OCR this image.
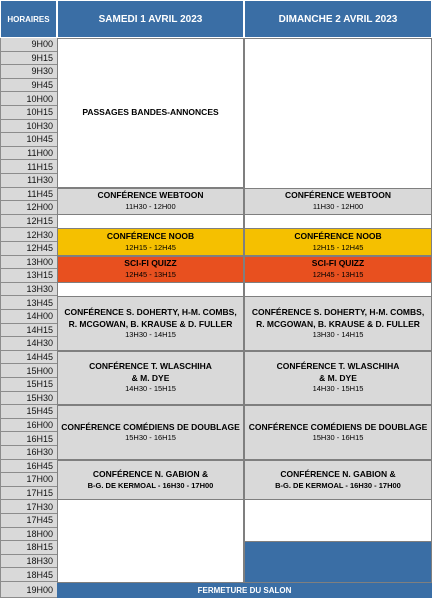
HORAIRES	SAMEDI 1 AVRIL 2023	DIMANCHE 2 AVRIL 2023
9H00
9H15
9H30
9H45
10H00
10H15
10H30
10H45
11H00
11H15
11H30
11H45
12H00
12H15
12H30
12H45
13H00
13H15
13H30
13H45
14H00
14H15
14H30
14H45
15H00
15H15
15H30
15H45
16H00
16H15
16H30
16H45
17H00
17H15
17H30
17H45
18H00
18H15
18H30
18H45
19H00
PASSAGES BANDES-ANNONCES
CONFÉRENCE WEBTOON
11H30 - 12H00
CONFÉRENCE WEBTOON
11H30 - 12H00
CONFÉRENCE NOOB
12H15 - 12H45
CONFÉRENCE NOOB
12H15 - 12H45
SCI-FI QUIZZ
12H45 - 13H15
SCI-FI QUIZZ
12H45 - 13H15
CONFÉRENCE S. DOHERTY, H-M. COMBS,
R. MCGOWAN, B. KRAUSE & D. FULLER
13H30 - 14H15
CONFÉRENCE S. DOHERTY, H-M. COMBS,
R. MCGOWAN, B. KRAUSE & D. FULLER
13H30 - 14H15
CONFÉRENCE T. WLASCHIHA
& M. DYE
14H30 - 15H15
CONFÉRENCE T. WLASCHIHA
& M. DYE
14H30 - 15H15
CONFÉRENCE COMÉDIENS DE DOUBLAGE
15H30 - 16H15
CONFÉRENCE COMÉDIENS DE DOUBLAGE
15H30 - 16H15
CONFÉRENCE N. GABION &
B-G. DE KERMOAL - 16H30 - 17H00
CONFÉRENCE N. GABION &
B-G. DE KERMOAL - 16H30 - 17H00
FERMETURE DU SALON
